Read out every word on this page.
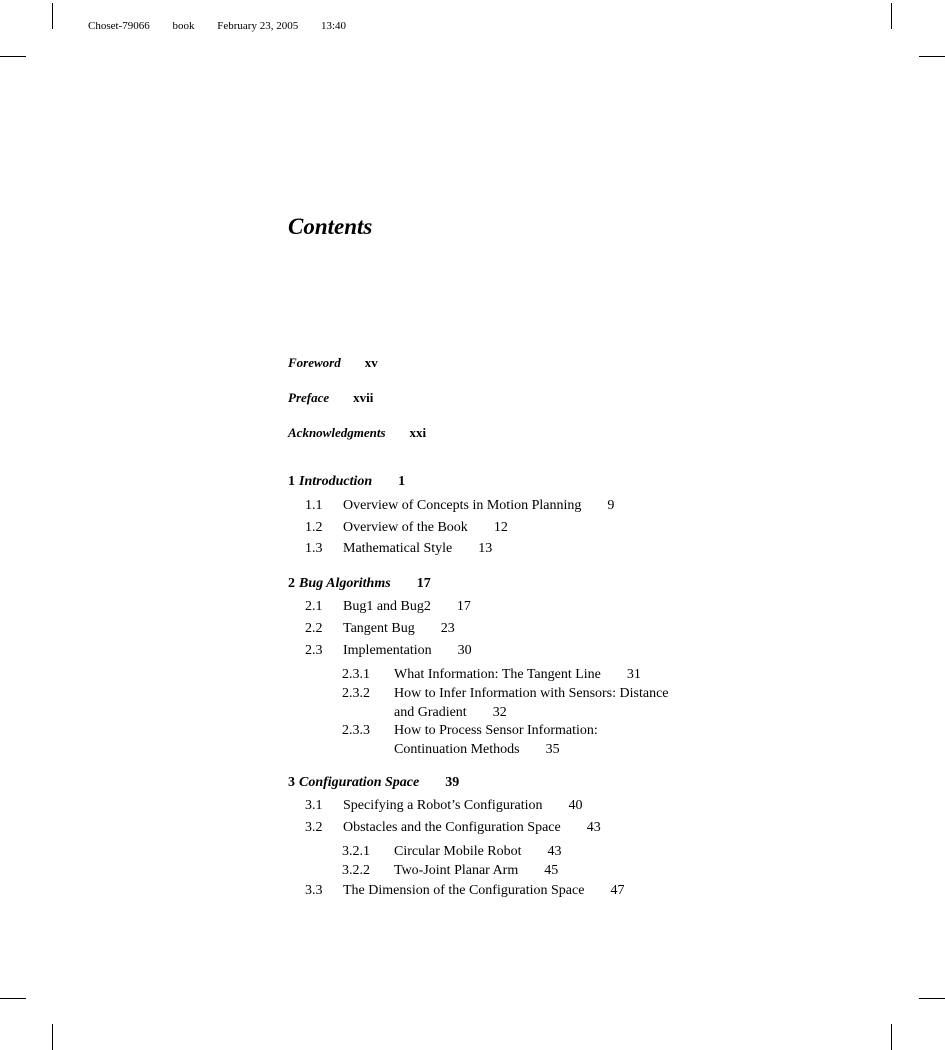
Choset-79066 book February 23, 2005 13:40
Contents
Foreword xv
Preface xvii
Acknowledgments xxi
1 Introduction 1
1.1 Overview of Concepts in Motion Planning 9
1.2 Overview of the Book 12
1.3 Mathematical Style 13
2 Bug Algorithms 17
2.1 Bug1 and Bug2 17
2.2 Tangent Bug 23
2.3 Implementation 30
2.3.1	What Information: The Tangent Line 31
2.3.2	How to Infer Information with Sensors: Distance
and Gradient 32
2.3.3	How to Process Sensor Information:
Continuation Methods 35
3 Configuration Space 39
3.1 Specifying a Robot’s Configuration 40
3.2 Obstacles and the Configuration Space 43
3.2.1	Circular Mobile Robot 43
3.2.2	Two-Joint Planar Arm 45
3.3 The Dimension of the Configuration Space 47
